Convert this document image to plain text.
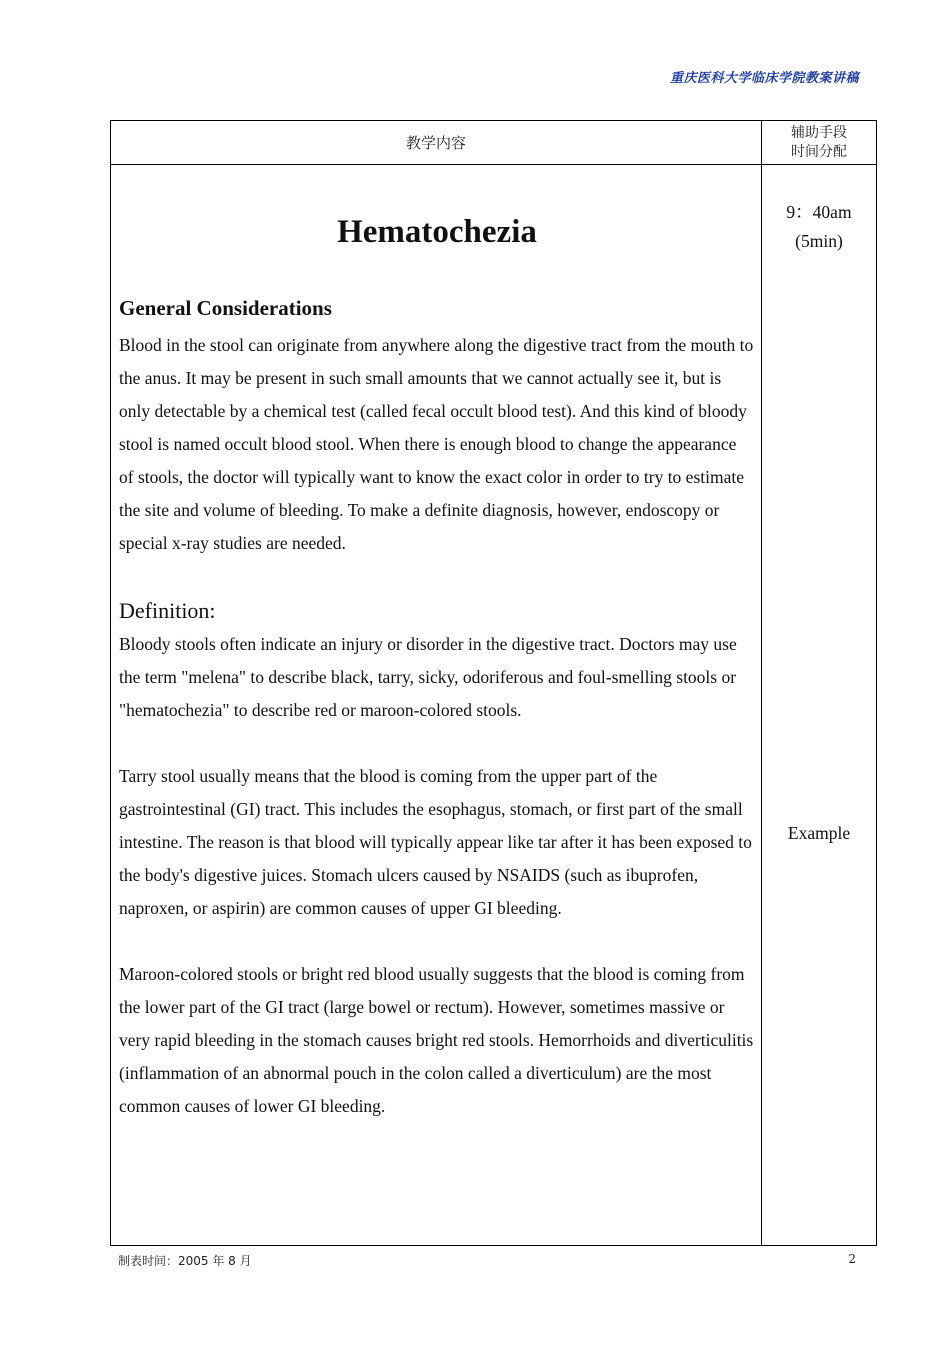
重庆医科大学临床学院教案讲稿
教学内容
辅助手段
时间分配
Hematochezia
General Considerations

Blood in the stool can originate from anywhere along the digestive tract from the mouth to the anus. It may be present in such small amounts that we cannot actually see it, but is only detectable by a chemical test (called fecal occult blood test). And this kind of bloody stool is named occult blood stool. When there is enough blood to change the appearance of stools, the doctor will typically want to know the exact color in order to try to estimate the site and volume of bleeding. To make a definite diagnosis, however, endoscopy or special x-ray studies are needed.

Definition:

Bloody stools often indicate an injury or disorder in the digestive tract. Doctors may use the term "melena" to describe black, tarry, sicky, odoriferous and foul-smelling stools or "hematochezia" to describe red or maroon-colored stools.

Tarry stool usually means that the blood is coming from the upper part of the gastrointestinal (GI) tract. This includes the esophagus, stomach, or first part of the small intestine. The reason is that blood will typically appear like tar after it has been exposed to the body's digestive juices. Stomach ulcers caused by NSAIDS (such as ibuprofen, naproxen, or aspirin) are common causes of upper GI bleeding.

Maroon-colored stools or bright red blood usually suggests that the blood is coming from the lower part of the GI tract (large bowel or rectum). However, sometimes massive or very rapid bleeding in the stomach causes bright red stools. Hemorrhoids and diverticulitis (inflammation of an abnormal pouch in the colon called a diverticulum) are the most common causes of lower GI bleeding.

9：40am
(5min)
Example
制表时间：2005 年 8 月	2
